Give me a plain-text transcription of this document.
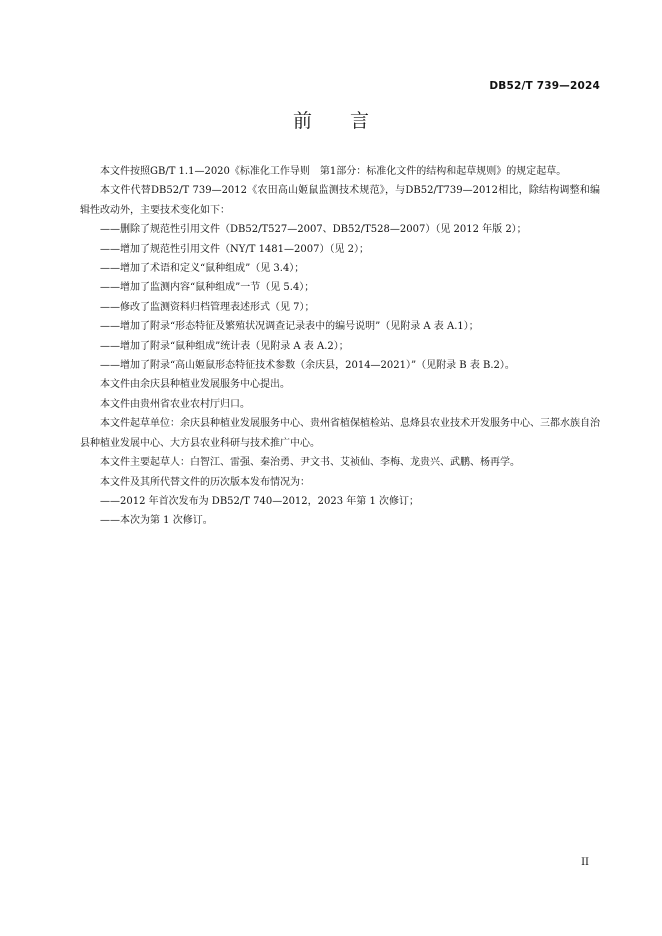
DB52/T 739—2024
前言

本文件按照GB/T 1.1—2020《标准化工作导则　第1部分：标准化文件的结构和起草规则》的规定起草。

本文件代替DB52/T 739—2012《农田高山姬鼠监测技术规范》，与DB52/T739—2012相比，除结构调整和编辑性改动外，主要技术变化如下：

——删除了规范性引用文件（DB52/T527—2007、DB52/T528—2007）（见 2012 年版 2）；

——增加了规范性引用文件（NY/T 1481—2007）（见 2）；

——增加了术语和定义“鼠种组成”（见 3.4）；

——增加了监测内容“鼠种组成”一节（见 5.4）；

——修改了监测资料归档管理表述形式（见 7）；

——增加了附录“形态特征及繁殖状况调查记录表中的编号说明”（见附录 A 表 A.1）；

——增加了附录“鼠种组成”统计表（见附录 A 表 A.2）；

——增加了附录“高山姬鼠形态特征技术参数（余庆县，2014—2021）”（见附录 B 表 B.2）。

本文件由余庆县种植业发展服务中心提出。

本文件由贵州省农业农村厅归口。

本文件起草单位：余庆县种植业发展服务中心、贵州省植保植检站、息烽县农业技术开发服务中心、三都水族自治县种植业发展中心、大方县农业科研与技术推广中心。

本文件主要起草人：白智江、雷强、秦治勇、尹文书、艾祯仙、李梅、龙贵兴、武鹏、杨再学。

本文件及其所代替文件的历次版本发布情况为：

——2012 年首次发布为 DB52/T 740—2012，2023 年第 1 次修订；

——本次为第 1 次修订。

II
